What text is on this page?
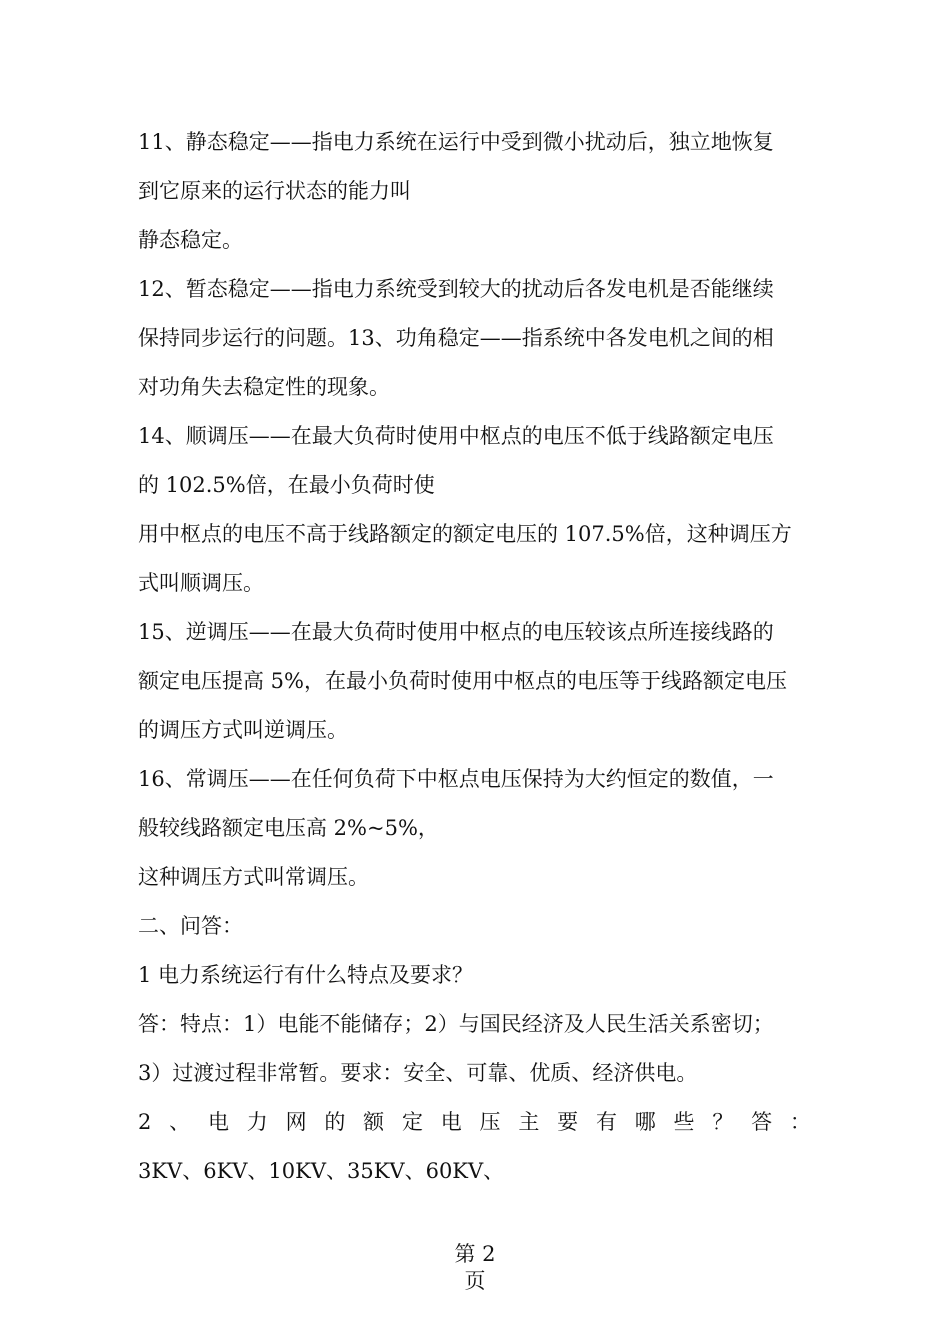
11、静态稳定——指电力系统在运行中受到微小扰动后，独立地恢复
到它原来的运行状态的能力叫
静态稳定。
12、暂态稳定——指电力系统受到较大的扰动后各发电机是否能继续
保持同步运行的问题。13、功角稳定——指系统中各发电机之间的相
对功角失去稳定性的现象。
14、顺调压——在最大负荷时使用中枢点的电压不低于线路额定电压
的 102.5%倍，在最小负荷时使
用中枢点的电压不高于线路额定的额定电压的 107.5%倍，这种调压方
式叫顺调压。
15、逆调压——在最大负荷时使用中枢点的电压较该点所连接线路的
额定电压提高 5%，在最小负荷时使用中枢点的电压等于线路额定电压
的调压方式叫逆调压。
16、常调压——在任何负荷下中枢点电压保持为大约恒定的数值，一
般较线路额定电压高 2%~5%，
这种调压方式叫常调压。
二、问答：
1 电力系统运行有什么特点及要求？
答：特点：1）电能不能储存；2）与国民经济及人民生活关系密切；
3）过渡过程非常暂。要求：安全、可靠、优质、经济供电。
2 、 电 力 网 的 额 定 电 压 主 要 有 哪 些 ？ 答 ：
3KV、6KV、10KV、35KV、60KV、
第 2
页
